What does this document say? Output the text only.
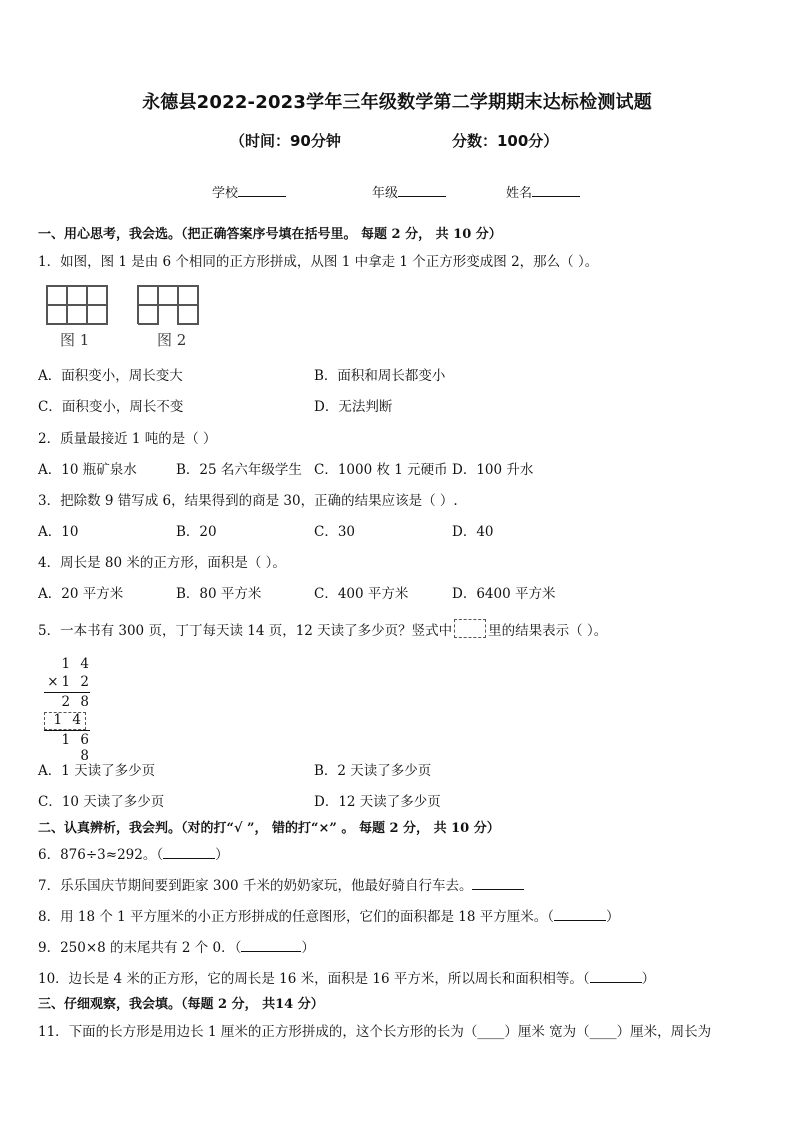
永德县2022-2023学年三年级数学第二学期期末达标检测试题
（时间：90分钟	分数：100分）
学校	年级	姓名
一、用心思考，我会选。（把正确答案序号填在括号里。 每题 2 分， 共 10 分）
1．如图，图 1 是由 6 个相同的正方形拼成，从图 1 中拿走 1 个正方形变成图 2，那么（ ）。
图 1	图 2
A．面积变小，周长变大	B．面积和周长都变小
C．面积变小，周长不变	D．无法判断
2．质量最接近 1 吨的是（ ）
A．10 瓶矿泉水	B．25 名六年级学生 C．1000 枚 1 元硬币 D．100 升水
3．把除数 9 错写成 6，结果得到的商是 30，正确的结果应该是（ ）.
A．10	B．20	C．30	D．40
4．周长是 80 米的正方形，面积是（ ）。
A．20 平方米	B．80 平方米	C．400 平方米	D．6400 平方米
5．一本书有 300 页，丁丁每天读 14 页，12 天读了多少页？竖式中	里的结果表示（ ）。
1 4
×1 2
2 8
1 4
1 6 8
A．1 天读了多少页	B．2 天读了多少页
C．10 天读了多少页	D．12 天读了多少页
二、认真辨析，我会判。（对的打“√ ”， 错的打“×” 。 每题 2 分， 共 10 分）
6．876÷3≈292。（	）
7．乐乐国庆节期间要到距家 300 千米的奶奶家玩，他最好骑自行车去。
8．用 18 个 1 平方厘米的小正方形拼成的任意图形，它们的面积都是 18 平方厘米。（	）
9．250×8 的末尾共有 2 个 0．（	）
10．边长是 4 米的正方形，它的周长是 16 米，面积是 16 平方米，所以周长和面积相等。（	）
三、仔细观察，我会填。（每题 2 分， 共14 分）
11．下面的长方形是用边长 1 厘米的正方形拼成的，这个长方形的长为（____）厘米 宽为（____）厘米，周长为
